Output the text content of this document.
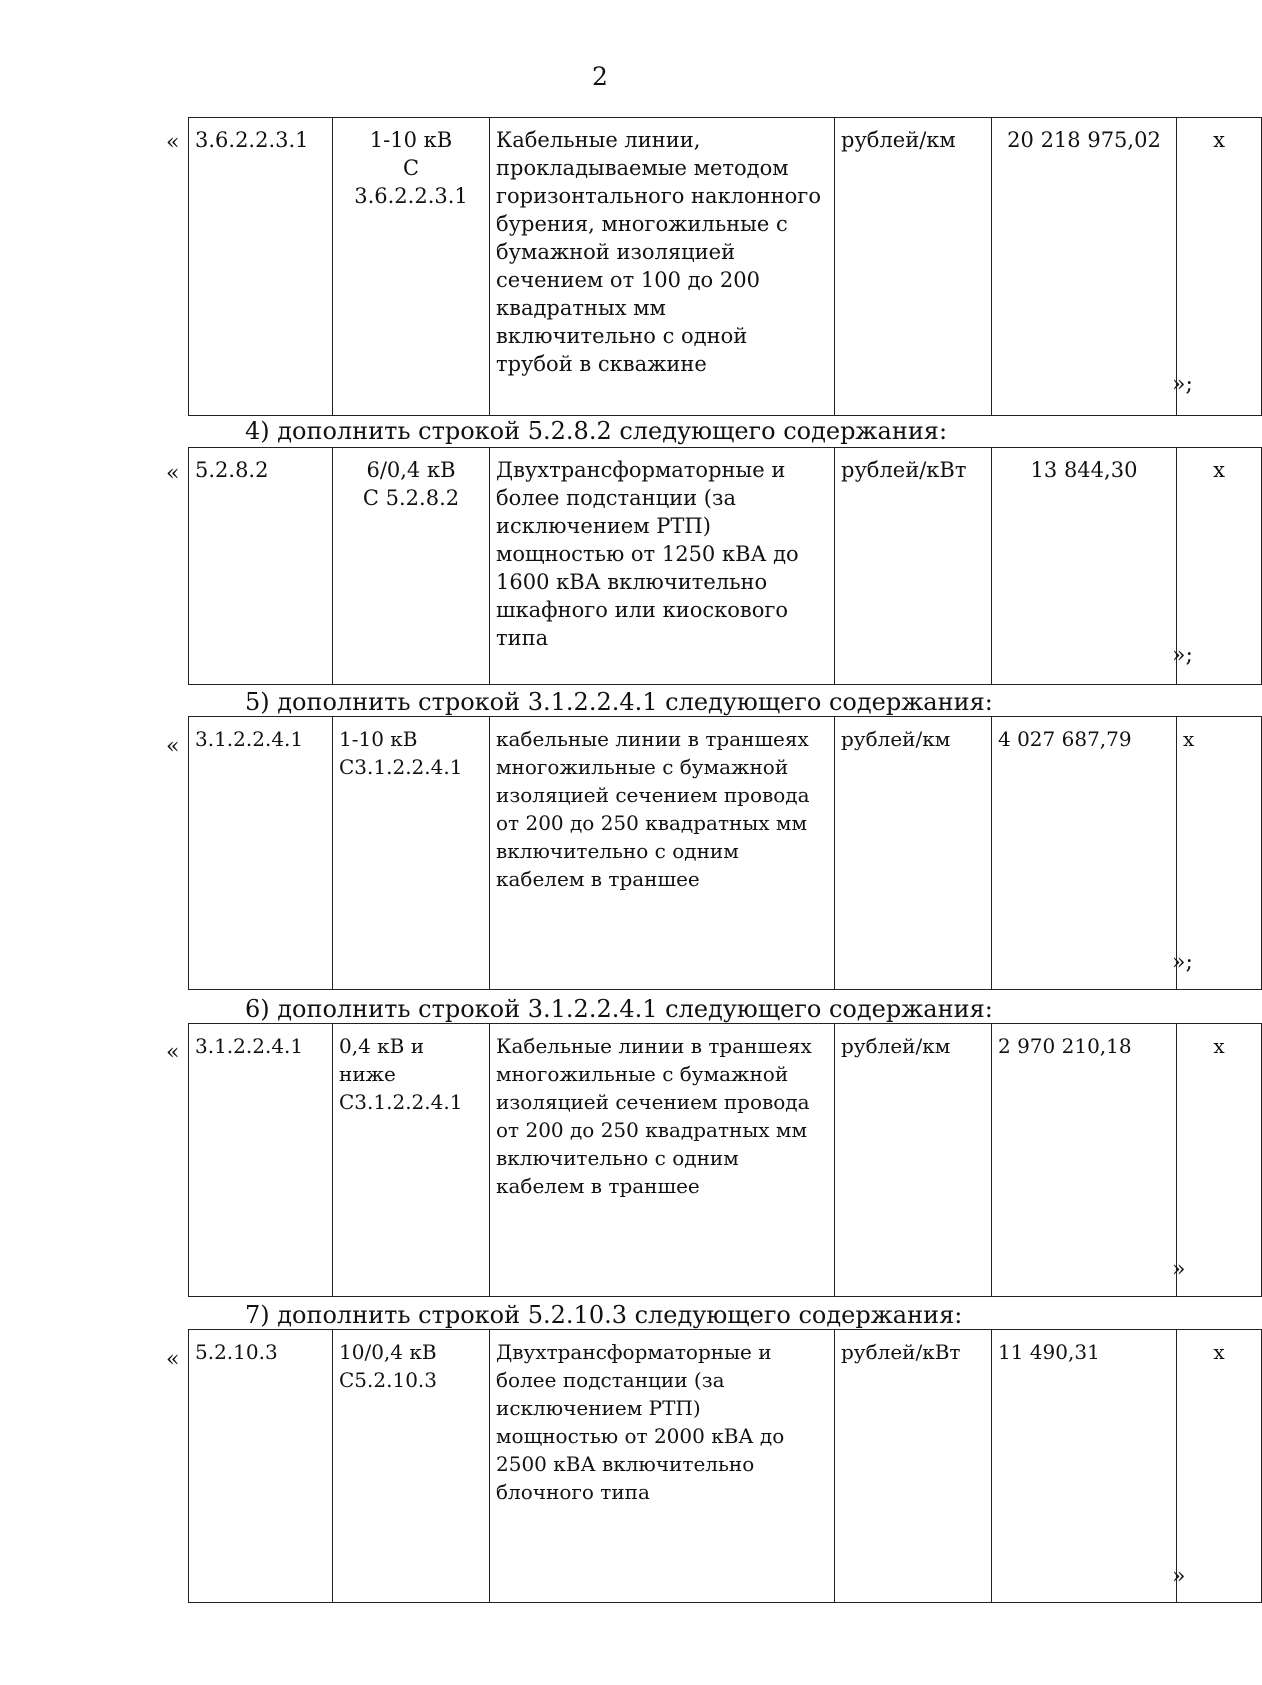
2
« 3.6.2.2.3.1	1-10 кВ
С
3.6.2.2.3.1
	Кабельные линии, прокладываемые методом горизонтального наклонного бурения, многожильные с бумажной изоляцией сечением от 100 до 200 квадратных мм включительно с одной трубой в скважине	рублей/км	20 218 975,02	x
»;
4) дополнить строкой 5.2.8.2 следующего содержания:
« 5.2.8.2	6/0,4 кВ
С 5.2.8.2
	Двухтрансформаторные и более подстанции (за исключением РТП) мощностью от 1250 кВА до 1600 кВА включительно шкафного или киоскового типа	рублей/кВт	13 844,30	x
»;
5) дополнить строкой 3.1.2.2.4.1 следующего содержания:
« 3.1.2.2.4.1	1-10 кВ
С3.1.2.2.4.1
	кабельные линии в траншеях многожильные с бумажной изоляцией сечением провода от 200 до 250 квадратных мм включительно с одним кабелем в траншее	рублей/км	4 027 687,79	x
»;
6) дополнить строкой 3.1.2.2.4.1 следующего содержания:
« 3.1.2.2.4.1	0,4 кВ и
ниже
С3.1.2.2.4.1
	Кабельные линии в траншеях многожильные с бумажной изоляцией сечением провода от 200 до 250 квадратных мм включительно с одним кабелем в траншее	рублей/км	2 970 210,18	x
»
7) дополнить строкой 5.2.10.3 следующего содержания:
« 5.2.10.3	10/0,4 кВ
С5.2.10.3
	Двухтрансформаторные и более подстанции (за исключением РТП) мощностью от 2000 кВА до 2500 кВА включительно блочного типа	рублей/кВт	11 490,31	x
»
